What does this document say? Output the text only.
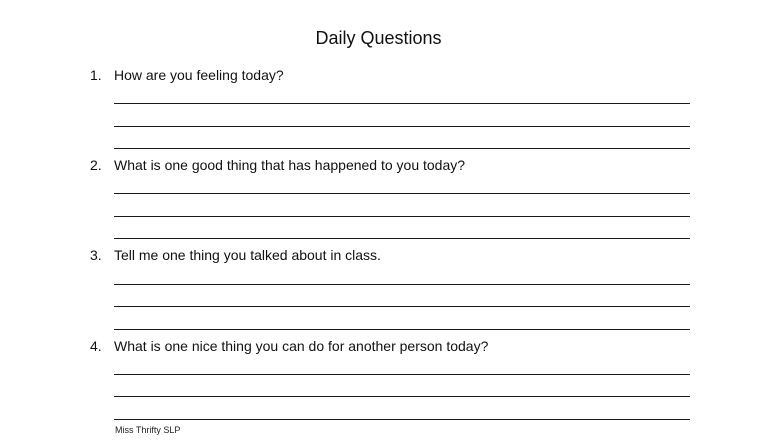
Daily Questions
1. How are you feeling today?
2. What is one good thing that has happened to you today?
3. Tell me one thing you talked about in class.
4. What is one nice thing you can do for another person today?
Miss Thrifty SLP
